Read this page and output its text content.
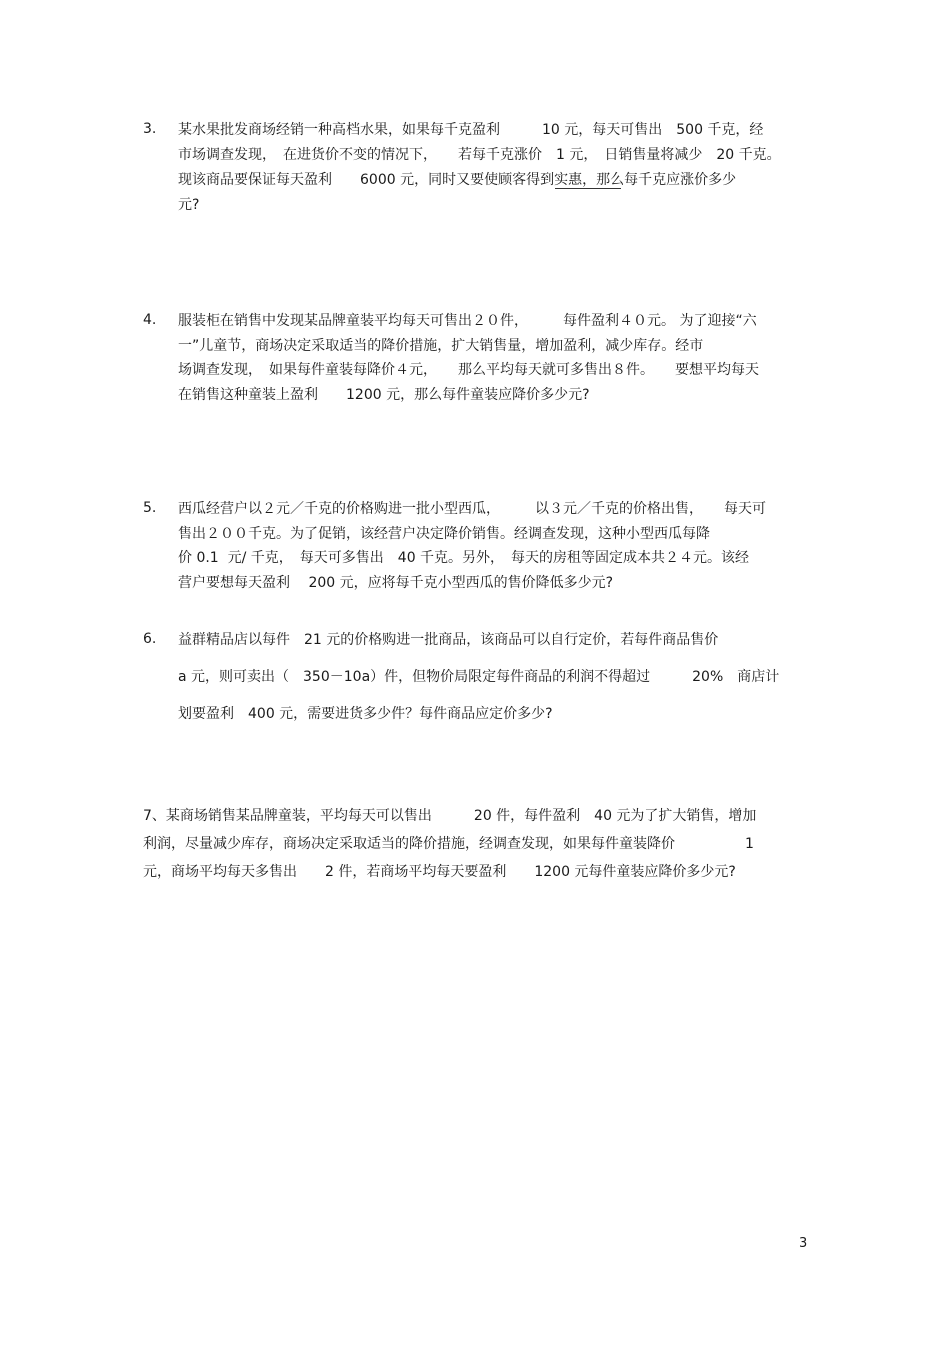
3. 某水果批发商场经销一种高档水果，如果每千克盈利　　　10 元，每天可售出　500 千克，经
市场调查发现，　在进货价不变的情况下，　　若每千克涨价　1 元，　日销售量将减少　20 千克。
现该商品要保证每天盈利　　6000 元，同时又要使顾客得到实惠，那么每千克应涨价多少
元?
4. 服装柜在销售中发现某品牌童装平均每天可售出２０件，　　　每件盈利４０元。 为了迎接“六
一”儿童节，商场决定采取适当的降价措施，扩大销售量，增加盈利，减少库存。经市
场调查发现，　如果每件童装每降价４元，　　那么平均每天就可多售出８件。　　要想平均每天
在销售这种童装上盈利　　1200 元，那么每件童装应降价多少元?
5. 西瓜经营户以２元／千克的价格购进一批小型西瓜，　　　以３元／千克的价格出售，　　每天可
售出２００千克。为了促销，该经营户决定降价销售。经调查发现，这种小型西瓜每降
价 0.1  元/ 千克，　每天可多售出　40 千克。另外，　每天的房租等固定成本共２４元。该经
营户要想每天盈利　 200 元，应将每千克小型西瓜的售价降低多少元?
6. 益群精品店以每件　21 元的价格购进一批商品，该商品可以自行定价，若每件商品售价
a 元，则可卖出（　350－10a）件，但物价局限定每件商品的利润不得超过　　　20%　商店计
划要盈利　400 元，需要进货多少件？每件商品应定价多少?
7、某商场销售某品牌童装，平均每天可以售出　　　20 件，每件盈利　40 元为了扩大销售，增加
利润，尽量减少库存，商场决定采取适当的降价措施，经调查发现，如果每件童装降价　　　　　1
元，商场平均每天多售出　　2 件，若商场平均每天要盈利　　1200 元每件童装应降价多少元?
3
